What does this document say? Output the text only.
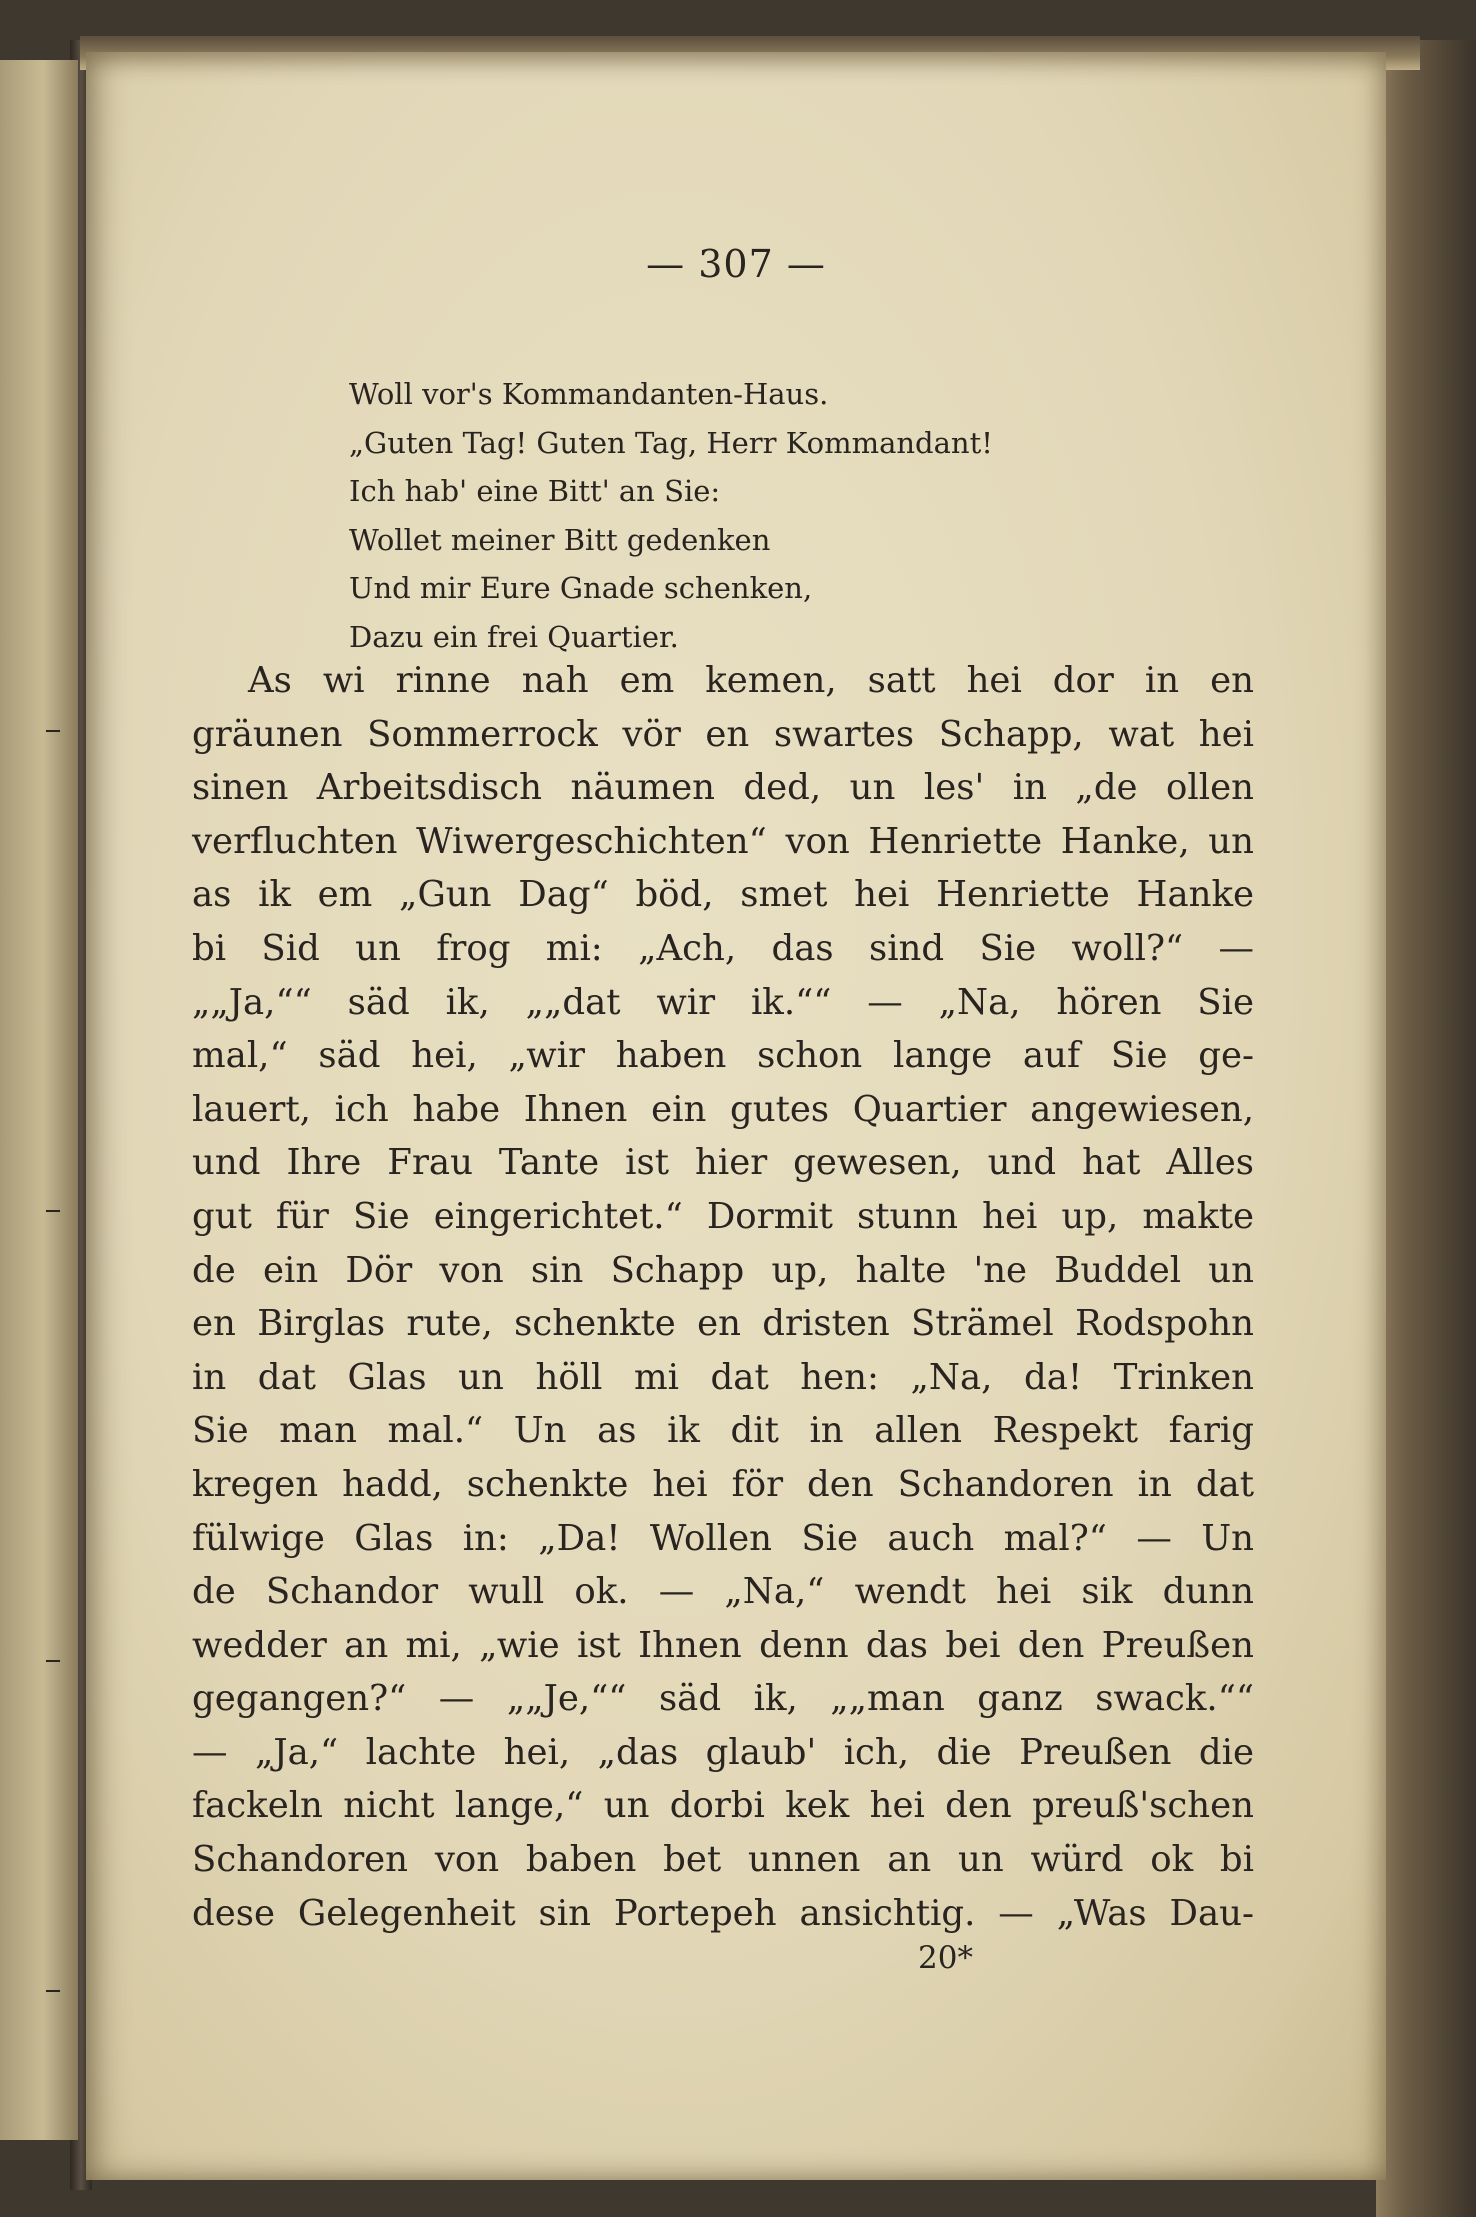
— 307 —
Woll vor's Kommandanten-Haus.
„Guten Tag! Guten Tag, Herr Kommandant!
Ich hab' eine Bitt' an Sie:
Wollet meiner Bitt gedenken
Und mir Eure Gnade schenken,
Dazu ein frei Quartier.
As wi rinne nah em kemen, satt hei dor in en
gräunen Sommerrock vör en swartes Schapp, wat hei
sinen Arbeitsdisch näumen ded, un les' in „de ollen
verfluchten Wiwergeschichten“ von Henriette Hanke, un
as ik em „Gun Dag“ böd, smet hei Henriette Hanke
bi Sid un frog mi: „Ach, das sind Sie woll?“ —
„„Ja,““ säd ik, „„dat wir ik.““ — „Na, hören Sie
mal,“ säd hei, „wir haben schon lange auf Sie ge-
lauert, ich habe Ihnen ein gutes Quartier angewiesen,
und Ihre Frau Tante ist hier gewesen, und hat Alles
gut für Sie eingerichtet.“ Dormit stunn hei up, makte
de ein Dör von sin Schapp up, halte 'ne Buddel un
en Birglas rute, schenkte en dristen Strämel Rodspohn
in dat Glas un höll mi dat hen: „Na, da! Trinken
Sie man mal.“ Un as ik dit in allen Respekt farig
kregen hadd, schenkte hei för den Schandoren in dat
fülwige Glas in: „Da! Wollen Sie auch mal?“ — Un
de Schandor wull ok. — „Na,“ wendt hei sik dunn
wedder an mi, „wie ist Ihnen denn das bei den Preußen
gegangen?“ — „„Je,““ säd ik, „„man ganz swack.““
— „Ja,“ lachte hei, „das glaub' ich, die Preußen die
fackeln nicht lange,“ un dorbi kek hei den preuß'schen
Schandoren von baben bet unnen an un würd ok bi
dese Gelegenheit sin Portepeh ansichtig. — „Was Dau-
20*
